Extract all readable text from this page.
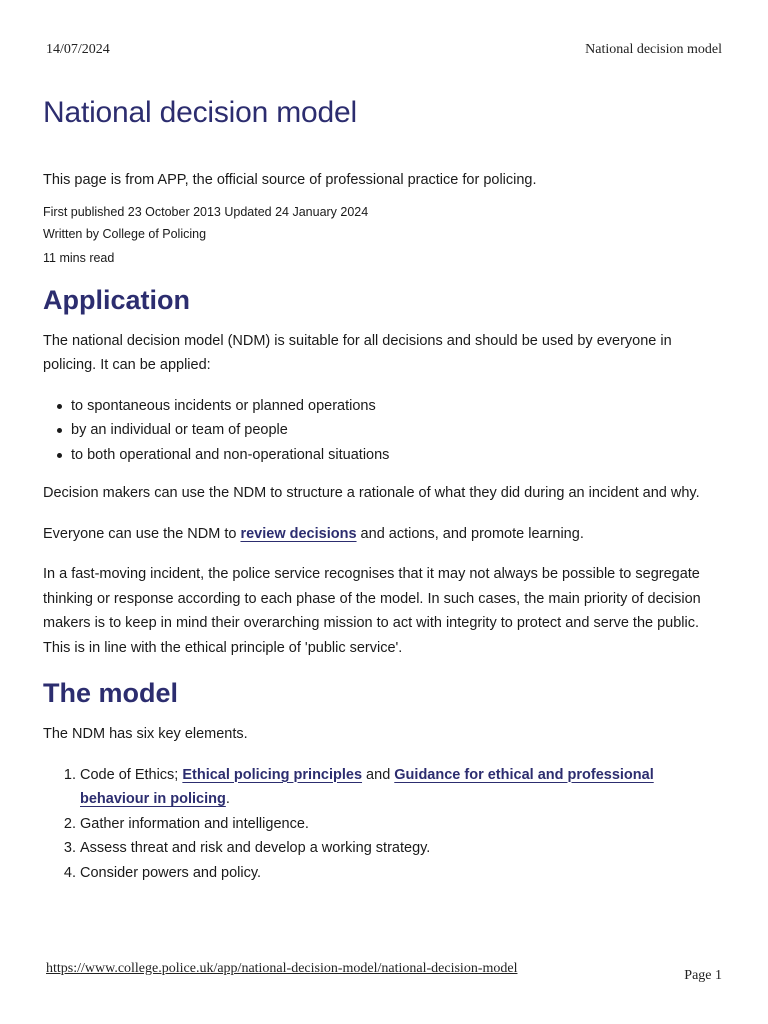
14/07/2024	National decision model
National decision model

This page is from APP, the official source of professional practice for policing.

First published 23 October 2013 Updated 24 January 2024

Written by College of Policing

11 mins read

Application

The national decision model (NDM) is suitable for all decisions and should be used by everyone in policing. It can be applied:

to spontaneous incidents or planned operations
by an individual or team of people
to both operational and non-operational situations

Decision makers can use the NDM to structure a rationale of what they did during an incident and why.

Everyone can use the NDM to review decisions and actions, and promote learning.

In a fast-moving incident, the police service recognises that it may not always be possible to segregate thinking or response according to each phase of the model. In such cases, the main priority of decision makers is to keep in mind their overarching mission to act with integrity to protect and serve the public. This is in line with the ethical principle of 'public service'.

The model

The NDM has six key elements.

1. Code of Ethics; Ethical policing principles and Guidance for ethical and professional behaviour in policing.
2. Gather information and intelligence.
3. Assess threat and risk and develop a working strategy.
4. Consider powers and policy.
https://www.college.police.uk/app/national-decision-model/national-decision-model	Page 1
